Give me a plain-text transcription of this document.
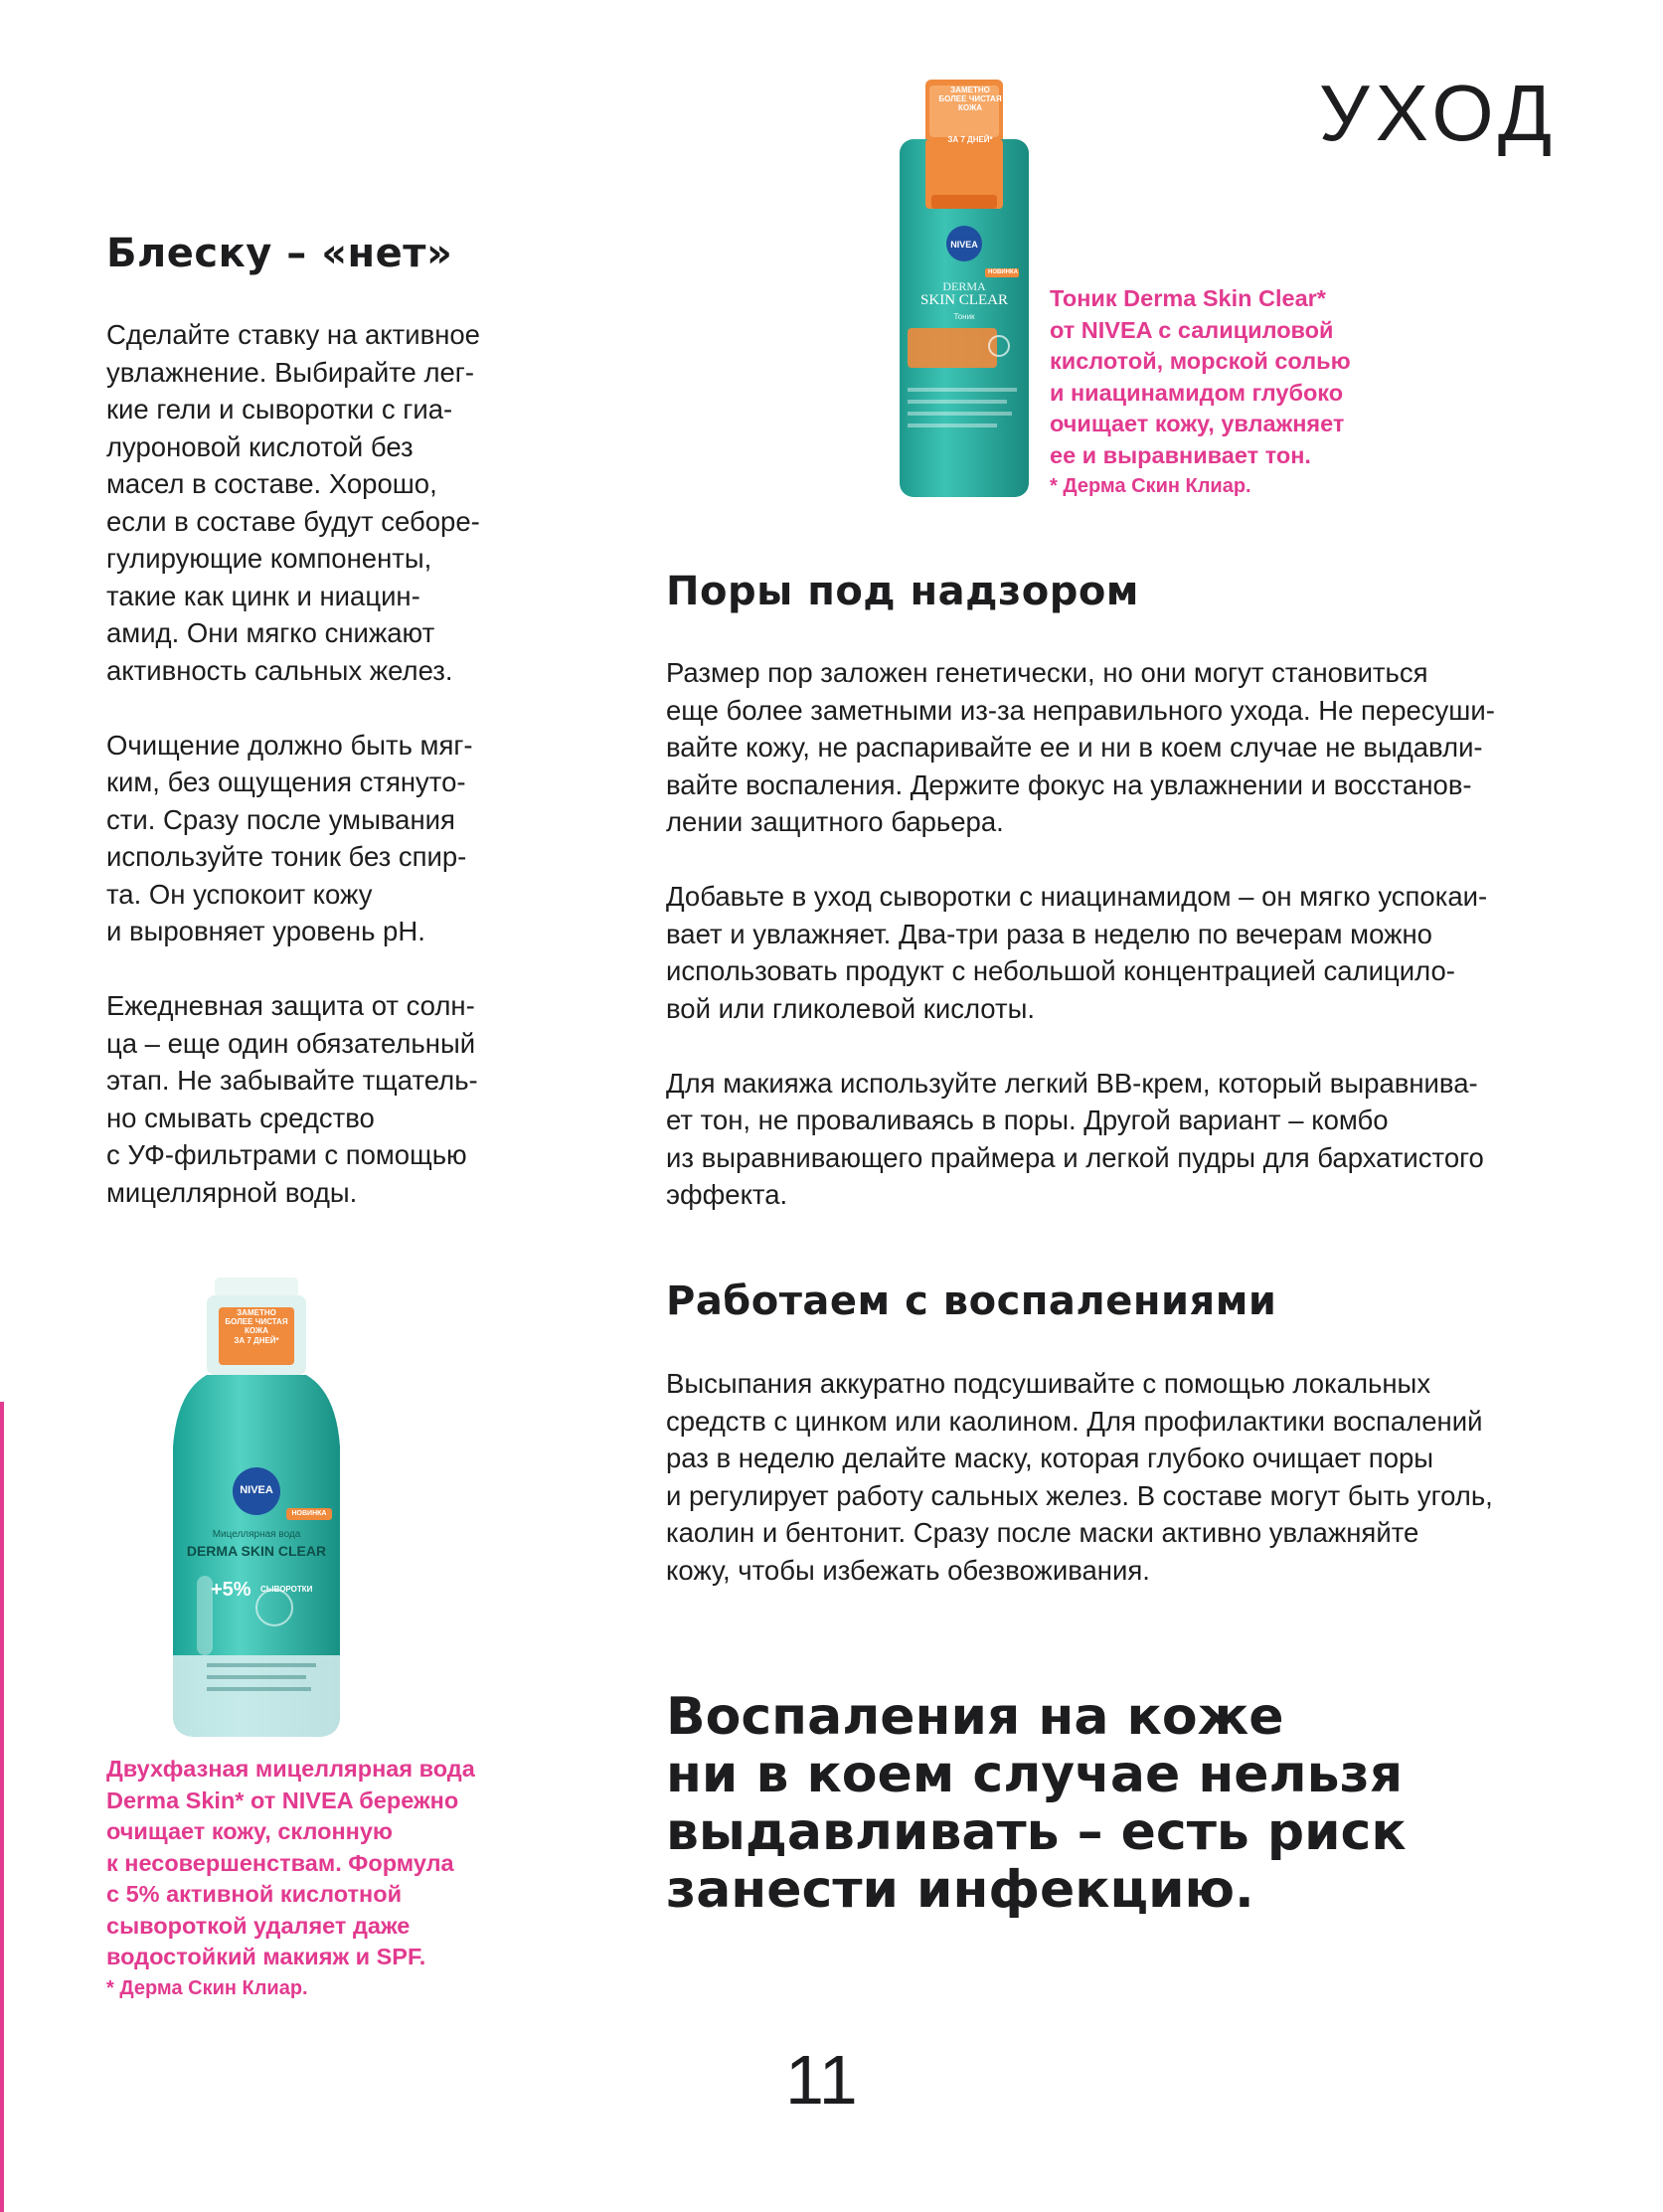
УХОД
Блеску – «нет»

Сделайте ставку на активное
увлажнение. Выбирайте лег-
кие гели и сыворотки с гиа-
луроновой кислотой без
масел в составе. Хорошо,
если в составе будут себоре-
гулирующие компоненты,
такие как цинк и ниацин-
амид. Они мягко снижают
активность сальных желез.

Очищение должно быть мяг-
ким, без ощущения стянуто-
сти. Сразу после умывания
используйте тоник без спир-
та. Он успокоит кожу
и выровняет уровень pH.

Ежедневная защита от солн-
ца – еще один обязательный
этап. Не забывайте тщатель-
но смывать средство
с УФ-фильтрами с помощью
мицеллярной воды.

ЗАМЕТНО
БОЛЕЕ ЧИСТАЯ
КОЖА
ЗА 7 ДНЕЙ*
NIVEA
НОВИНКА
DERMA
SKIN CLEAR
Тоник
Тоник Derma Skin Clear*
от NIVEA с салициловой
кислотой, морской солью
и ниацинамидом глубоко
очищает кожу, увлажняет
ее и выравнивает тон.
* Дерма Скин Клиар.
Поры под надзором

Размер пор заложен генетически, но они могут становиться
еще более заметными из-за неправильного ухода. Не пересуши-
вайте кожу, не распаривайте ее и ни в коем случае не выдавли-
вайте воспаления. Держите фокус на увлажнении и восстанов-
лении защитного барьера.

Добавьте в уход сыворотки с ниацинамидом – он мягко успокаи-
вает и увлажняет. Два-три раза в неделю по вечерам можно
использовать продукт с небольшой концентрацией салицило-
вой или гликолевой кислоты.

Для макияжа используйте легкий BB-крем, который выравнива-
ет тон, не проваливаясь в поры. Другой вариант – комбо
из выравнивающего праймера и легкой пудры для бархатистого
эффекта.

Работаем с воспалениями

Высыпания аккуратно подсушивайте с помощью локальных
средств с цинком или каолином. Для профилактики воспалений
раз в неделю делайте маску, которая глубоко очищает поры
и регулирует работу сальных желез. В составе могут быть уголь,
каолин и бентонит. Сразу после маски активно увлажняйте
кожу, чтобы избежать обезвоживания.

ЗАМЕТНО
БОЛЕЕ ЧИСТАЯ
КОЖА
ЗА 7 ДНЕЙ*
NIVEA
НОВИНКА
Мицеллярная вода
DERMA SKIN CLEAR
+5% СЫВОРОТКИ
Двухфазная мицеллярная вода
Derma Skin* от NIVEA бережно
очищает кожу, склонную
к несовершенствам. Формула
с 5% активной кислотной
сывороткой удаляет даже
водостойкий макияж и SPF.
* Дерма Скин Клиар.
Воспаления на коже
ни в коем случае нельзя
выдавливать – есть риск
занести инфекцию.
11
